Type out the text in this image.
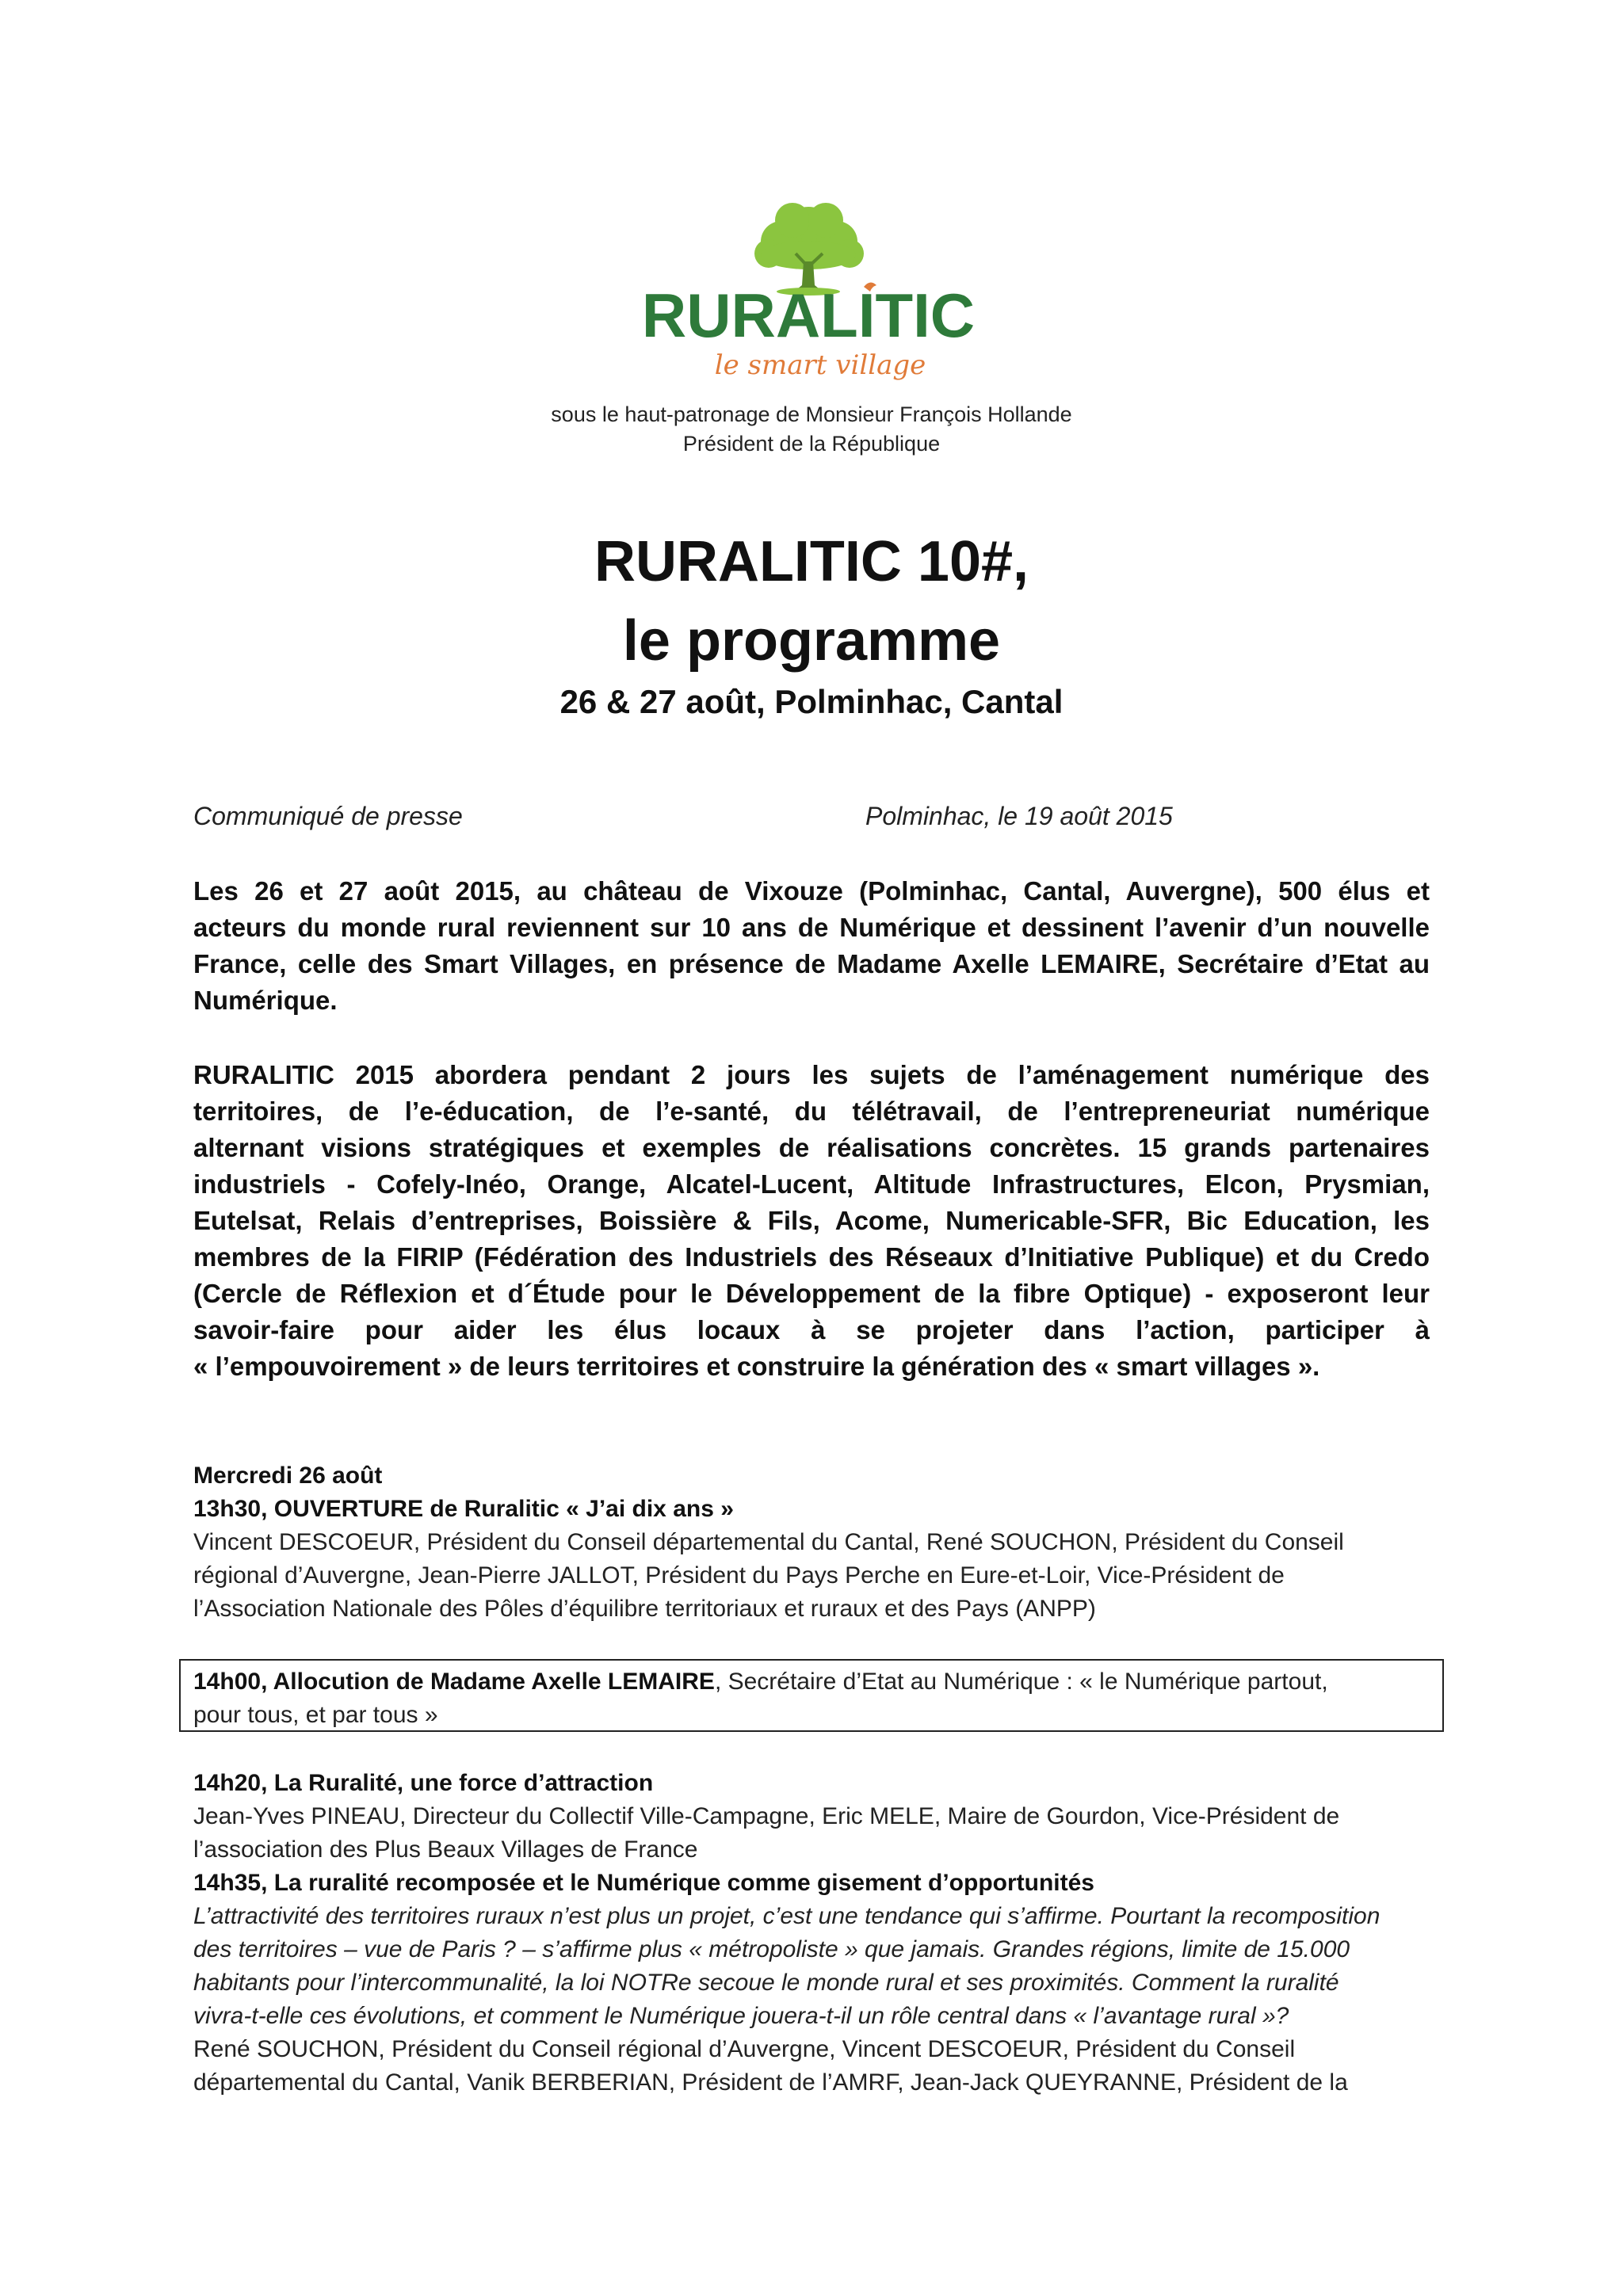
RURALITIC
le smart village
sous le haut-patronage de Monsieur François Hollande
Président de la République
RURALITIC 10#,
le programme
26 & 27 août, Polminhac, Cantal
Communiqué de presse	Polminhac, le 19 août 2015
Les 26 et 27 août 2015, au château de Vixouze (Polminhac, Cantal, Auvergne), 500 élus et
acteurs du monde rural reviennent sur 10 ans de Numérique et dessinent l’avenir d’un nouvelle
France, celle des Smart Villages, en présence de Madame Axelle LEMAIRE, Secrétaire d’Etat au
Numérique.
RURALITIC 2015 abordera pendant 2 jours les sujets de l’aménagement numérique des
territoires, de l’e-éducation, de l’e-santé, du télétravail, de l’entrepreneuriat numérique
alternant visions stratégiques et exemples de réalisations concrètes. 15 grands partenaires
industriels - Cofely-Inéo, Orange, Alcatel-Lucent, Altitude Infrastructures, Elcon, Prysmian,
Eutelsat, Relais d’entreprises, Boissière & Fils, Acome, Numericable-SFR, Bic Education, les
membres de la FIRIP (Fédération des Industriels des Réseaux d’Initiative Publique) et du Credo
(Cercle de Réflexion et d´Étude pour le Développement de la fibre Optique) - exposeront leur
savoir-faire pour aider les élus locaux à se projeter dans l’action, participer à
« l’empouvoirement » de leurs territoires et construire la génération des « smart villages ».
Mercredi 26 août
13h30, OUVERTURE de Ruralitic « J’ai dix ans »
Vincent DESCOEUR, Président du Conseil départemental du Cantal, René SOUCHON, Président du Conseil
régional d’Auvergne, Jean-Pierre JALLOT, Président du Pays Perche en Eure-et-Loir, Vice-Président de
l’Association Nationale des Pôles d’équilibre territoriaux et ruraux et des Pays (ANPP)
14h00, Allocution de Madame Axelle LEMAIRE, Secrétaire d’Etat au Numérique : « le Numérique partout,
pour tous, et par tous »
14h20, La Ruralité, une force d’attraction
Jean-Yves PINEAU, Directeur du Collectif Ville-Campagne, Eric MELE, Maire de Gourdon, Vice-Président de
l’association des Plus Beaux Villages de France
14h35, La ruralité recomposée et le Numérique comme gisement d’opportunités
L’attractivité des territoires ruraux n’est plus un projet, c’est une tendance qui s’affirme. Pourtant la recomposition
des territoires – vue de Paris ? – s’affirme plus « métropoliste » que jamais. Grandes régions, limite de 15.000
habitants pour l’intercommunalité, la loi NOTRe secoue le monde rural et ses proximités. Comment la ruralité
vivra-t-elle ces évolutions, et comment le Numérique jouera-t-il un rôle central dans « l’avantage rural »?
René SOUCHON, Président du Conseil régional d’Auvergne, Vincent DESCOEUR, Président du Conseil
départemental du Cantal, Vanik BERBERIAN, Président de l’AMRF, Jean-Jack QUEYRANNE, Président de la
